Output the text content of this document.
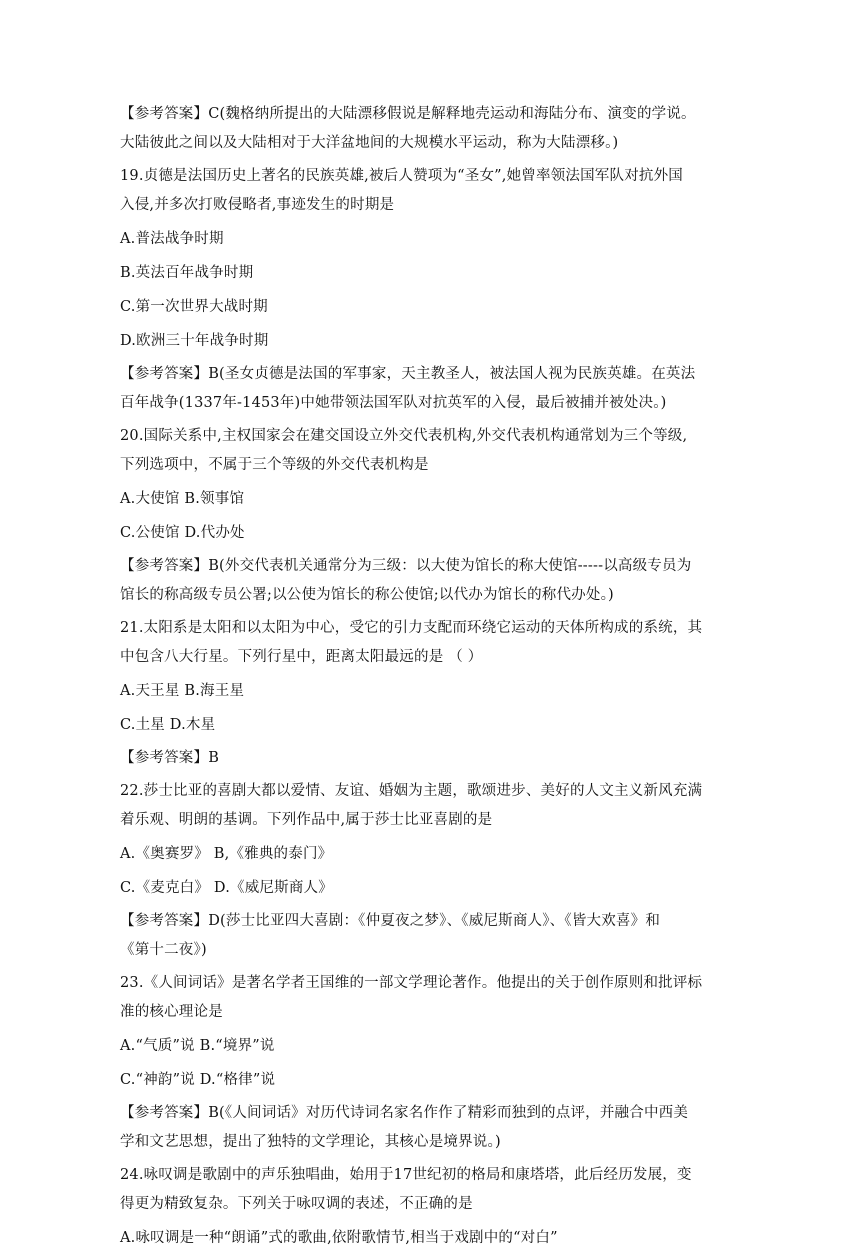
【参考答案】C(魏格纳所提出的大陆漂移假说是解释地壳运动和海陆分布、演变的学说。

大陆彼此之间以及大陆相对于大洋盆地间的大规模水平运动，称为大陆漂移。)

19.贞德是法国历史上著名的民族英雄,被后人赞项为“圣女”,她曾率领法国军队对抗外国

入侵,并多次打败侵略者,事迹发生的时期是

A.普法战争时期

B.英法百年战争时期

C.第一次世界大战时期

D.欧洲三十年战争时期

【参考答案】B(圣女贞德是法国的军事家，天主教圣人，被法国人视为民族英雄。在英法

百年战争(1337年-1453年)中她带领法国军队对抗英军的入侵，最后被捕并被处决。)

20.国际关系中,主权国家会在建交国设立外交代表机构,外交代表机构通常划为三个等级,

下列选项中，不属于三个等级的外交代表机构是

A.大使馆 B.领事馆

C.公使馆 D.代办处

【参考答案】B(外交代表机关通常分为三级：以大使为馆长的称大使馆-----以高级专员为

馆长的称高级专员公署;以公使为馆长的称公使馆;以代办为馆长的称代办处。)

21.太阳系是太阳和以太阳为中心，受它的引力支配而环绕它运动的天体所构成的系统，其

中包含八大行星。下列行星中，距离太阳最远的是 （ ）

A.天王星 B.海王星

C.土星 D.木星

【参考答案】B

22.莎士比亚的喜剧大都以爱情、友谊、婚姻为主题，歌颂进步、美好的人文主义新风充满

着乐观、明朗的基调。下列作品中,属于莎士比亚喜剧的是

A.《奥赛罗》 B,《雅典的泰门》

C.《麦克白》 D.《威尼斯商人》

【参考答案】D(莎士比亚四大喜剧：《仲夏夜之梦》、《威尼斯商人》、《皆大欢喜》和

《第十二夜》)

23.《人间词话》是著名学者王国维的一部文学理论著作。他提出的关于创作原则和批评标

准的核心理论是

A.“气质”说 B.“境界”说

C.“神韵”说 D.“格律”说

【参考答案】B(《人间词话》对历代诗词名家名作作了精彩而独到的点评，并融合中西美

学和文艺思想，提出了独特的文学理论，其核心是境界说。)

24.咏叹调是歌剧中的声乐独唱曲，始用于17世纪初的格局和康塔塔，此后经历发展，变

得更为精致复杂。下列关于咏叹调的表述，不正确的是

A.咏叹调是一种“朗诵”式的歌曲,依附歌情节,相当于戏剧中的“对白”
